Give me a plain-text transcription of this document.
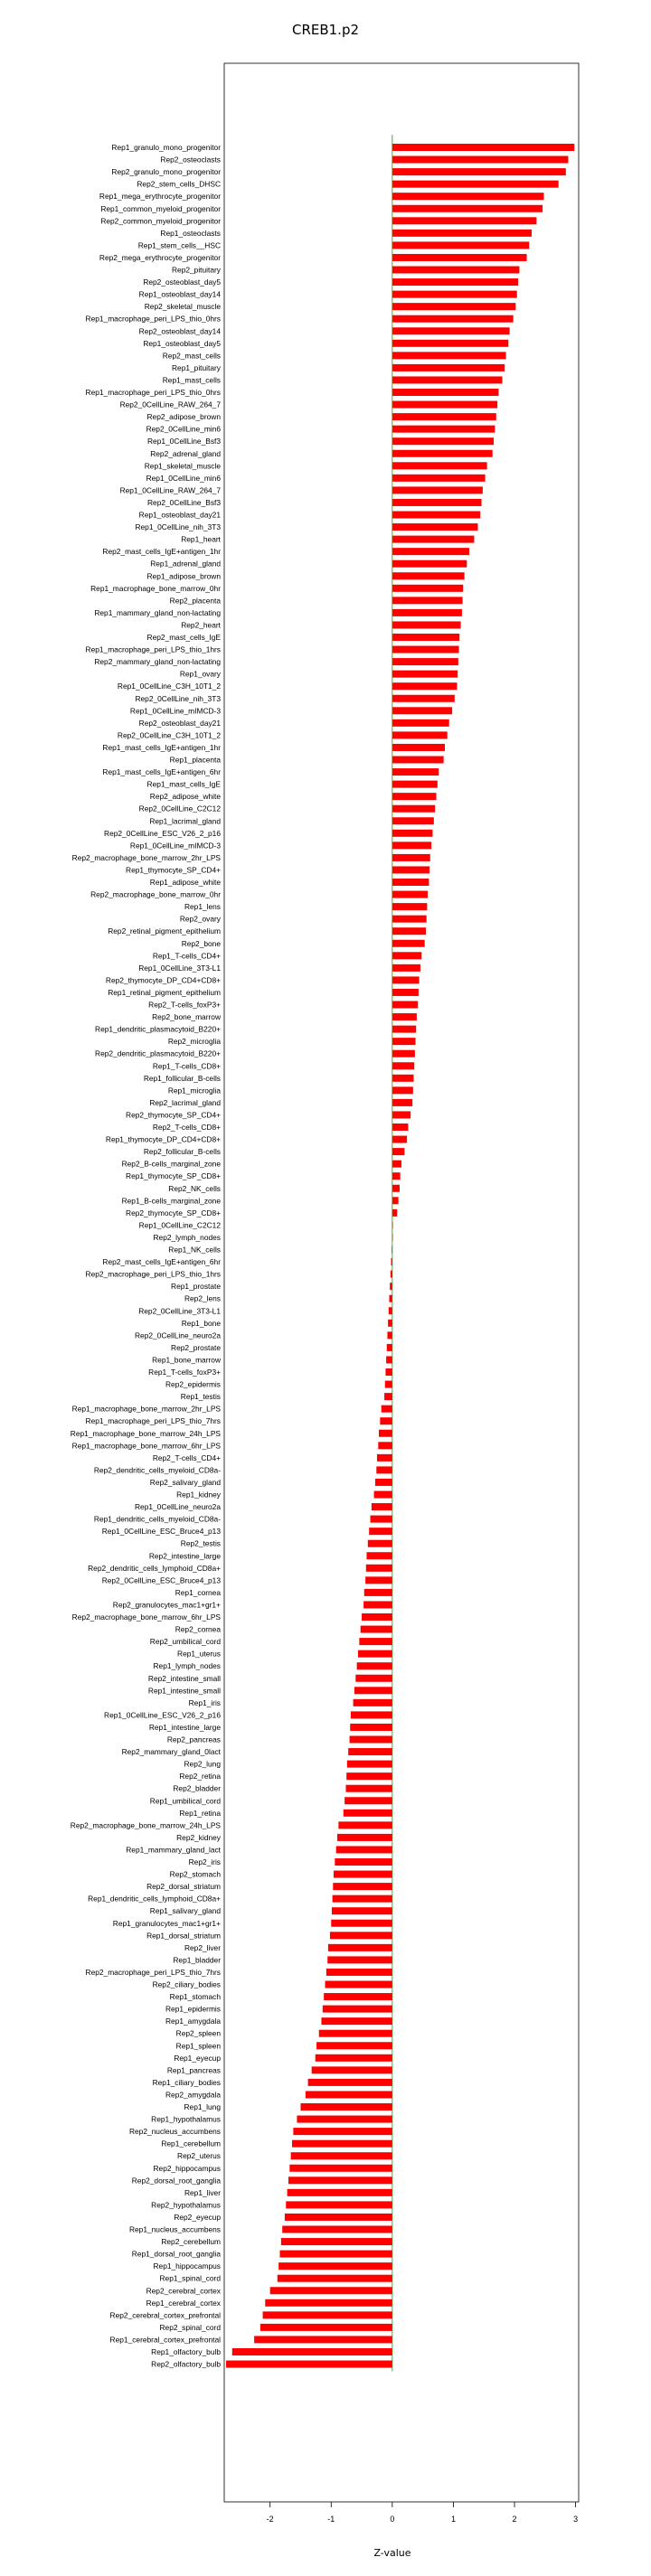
CREB1.p2
Rep1_granulo_mono_progenitor
Rep2_osteoclasts
Rep2_granulo_mono_progenitor
Rep2_stem_cells_DHSC
Rep1_mega_erythrocyte_progenitor
Rep1_common_myeloid_progenitor
Rep2_common_myeloid_progenitor
Rep1_osteoclasts
Rep1_stem_cells__HSC
Rep2_mega_erythrocyte_progenitor
Rep2_pituitary
Rep2_osteoblast_day5
Rep1_osteoblast_day14
Rep2_skeletal_muscle
Rep1_macrophage_peri_LPS_thio_0hrs
Rep2_osteoblast_day14
Rep1_osteoblast_day5
Rep2_mast_cells
Rep1_pituitary
Rep1_mast_cells
Rep1_macrophage_peri_LPS_thio_0hrs
Rep2_0CellLine_RAW_264_7
Rep2_adipose_brown
Rep2_0CellLine_min6
Rep1_0CellLine_Bsf3
Rep2_adrenal_gland
Rep1_skeletal_muscle
Rep1_0CellLine_min6
Rep1_0CellLine_RAW_264_7
Rep2_0CellLine_Bsf3
Rep1_osteoblast_day21
Rep1_0CellLine_nih_3T3
Rep1_heart
Rep2_mast_cells_IgE+antigen_1hr
Rep1_adrenal_gland
Rep1_adipose_brown
Rep1_macrophage_bone_marrow_0hr
Rep2_placenta
Rep1_mammary_gland_non-lactating
Rep2_heart
Rep2_mast_cells_IgE
Rep1_macrophage_peri_LPS_thio_1hrs
Rep2_mammary_gland_non-lactating
Rep1_ovary
Rep1_0CellLine_C3H_10T1_2
Rep2_0CellLine_nih_3T3
Rep1_0CellLine_mIMCD-3
Rep2_osteoblast_day21
Rep2_0CellLine_C3H_10T1_2
Rep1_mast_cells_IgE+antigen_1hr
Rep1_placenta
Rep1_mast_cells_IgE+antigen_6hr
Rep1_mast_cells_IgE
Rep2_adipose_white
Rep2_0CellLine_C2C12
Rep1_lacrimal_gland
Rep2_0CellLine_ESC_V26_2_p16
Rep1_0CellLine_mIMCD-3
Rep2_macrophage_bone_marrow_2hr_LPS
Rep1_thymocyte_SP_CD4+
Rep1_adipose_white
Rep2_macrophage_bone_marrow_0hr
Rep1_lens
Rep2_ovary
Rep2_retinal_pigment_epithelium
Rep2_bone
Rep1_T-cells_CD4+
Rep1_0CellLine_3T3-L1
Rep2_thymocyte_DP_CD4+CD8+
Rep1_retinal_pigment_epithelium
Rep2_T-cells_foxP3+
Rep2_bone_marrow
Rep1_dendritic_plasmacytoid_B220+
Rep2_microglia
Rep2_dendritic_plasmacytoid_B220+
Rep1_T-cells_CD8+
Rep1_follicular_B-cells
Rep1_microglia
Rep2_lacrimal_gland
Rep2_thymocyte_SP_CD4+
Rep2_T-cells_CD8+
Rep1_thymocyte_DP_CD4+CD8+
Rep2_follicular_B-cells
Rep2_B-cells_marginal_zone
Rep1_thymocyte_SP_CD8+
Rep2_NK_cells
Rep1_B-cells_marginal_zone
Rep2_thymocyte_SP_CD8+
Rep1_0CellLine_C2C12
Rep2_lymph_nodes
Rep1_NK_cells
Rep2_mast_cells_IgE+antigen_6hr
Rep2_macrophage_peri_LPS_thio_1hrs
Rep1_prostate
Rep2_lens
Rep2_0CellLine_3T3-L1
Rep1_bone
Rep2_0CellLine_neuro2a
Rep2_prostate
Rep1_bone_marrow
Rep1_T-cells_foxP3+
Rep2_epidermis
Rep1_testis
Rep1_macrophage_bone_marrow_2hr_LPS
Rep1_macrophage_peri_LPS_thio_7hrs
Rep1_macrophage_bone_marrow_24h_LPS
Rep1_macrophage_bone_marrow_6hr_LPS
Rep2_T-cells_CD4+
Rep2_dendritic_cells_myeloid_CD8a-
Rep2_salivary_gland
Rep1_kidney
Rep1_0CellLine_neuro2a
Rep1_dendritic_cells_myeloid_CD8a-
Rep1_0CellLine_ESC_Bruce4_p13
Rep2_testis
Rep2_intestine_large
Rep2_dendritic_cells_lymphoid_CD8a+
Rep2_0CellLine_ESC_Bruce4_p13
Rep1_cornea
Rep2_granulocytes_mac1+gr1+
Rep2_macrophage_bone_marrow_6hr_LPS
Rep2_cornea
Rep2_umbilical_cord
Rep1_uterus
Rep1_lymph_nodes
Rep2_intestine_small
Rep1_intestine_small
Rep1_iris
Rep1_0CellLine_ESC_V26_2_p16
Rep1_intestine_large
Rep2_pancreas
Rep2_mammary_gland_0lact
Rep2_lung
Rep2_retina
Rep2_bladder
Rep1_umbilical_cord
Rep1_retina
Rep2_macrophage_bone_marrow_24h_LPS
Rep2_kidney
Rep1_mammary_gland_lact
Rep2_iris
Rep2_stomach
Rep2_dorsal_striatum
Rep1_dendritic_cells_lymphoid_CD8a+
Rep1_salivary_gland
Rep1_granulocytes_mac1+gr1+
Rep1_dorsal_striatum
Rep2_liver
Rep1_bladder
Rep2_macrophage_peri_LPS_thio_7hrs
Rep2_ciliary_bodies
Rep1_stomach
Rep1_epidermis
Rep1_amygdala
Rep2_spleen
Rep1_spleen
Rep1_eyecup
Rep1_pancreas
Rep1_ciliary_bodies
Rep2_amygdala
Rep1_lung
Rep1_hypothalamus
Rep2_nucleus_accumbens
Rep1_cerebellum
Rep2_uterus
Rep2_hippocampus
Rep2_dorsal_root_ganglia
Rep1_liver
Rep2_hypothalamus
Rep2_eyecup
Rep1_nucleus_accumbens
Rep2_cerebellum
Rep1_dorsal_root_ganglia
Rep1_hippocampus
Rep1_spinal_cord
Rep2_cerebral_cortex
Rep1_cerebral_cortex
Rep2_cerebral_cortex_prefrontal
Rep2_spinal_cord
Rep1_cerebral_cortex_prefrontal
Rep1_olfactory_bulb
Rep2_olfactory_bulb
-2	-1	0	1	2	3
Z-value
